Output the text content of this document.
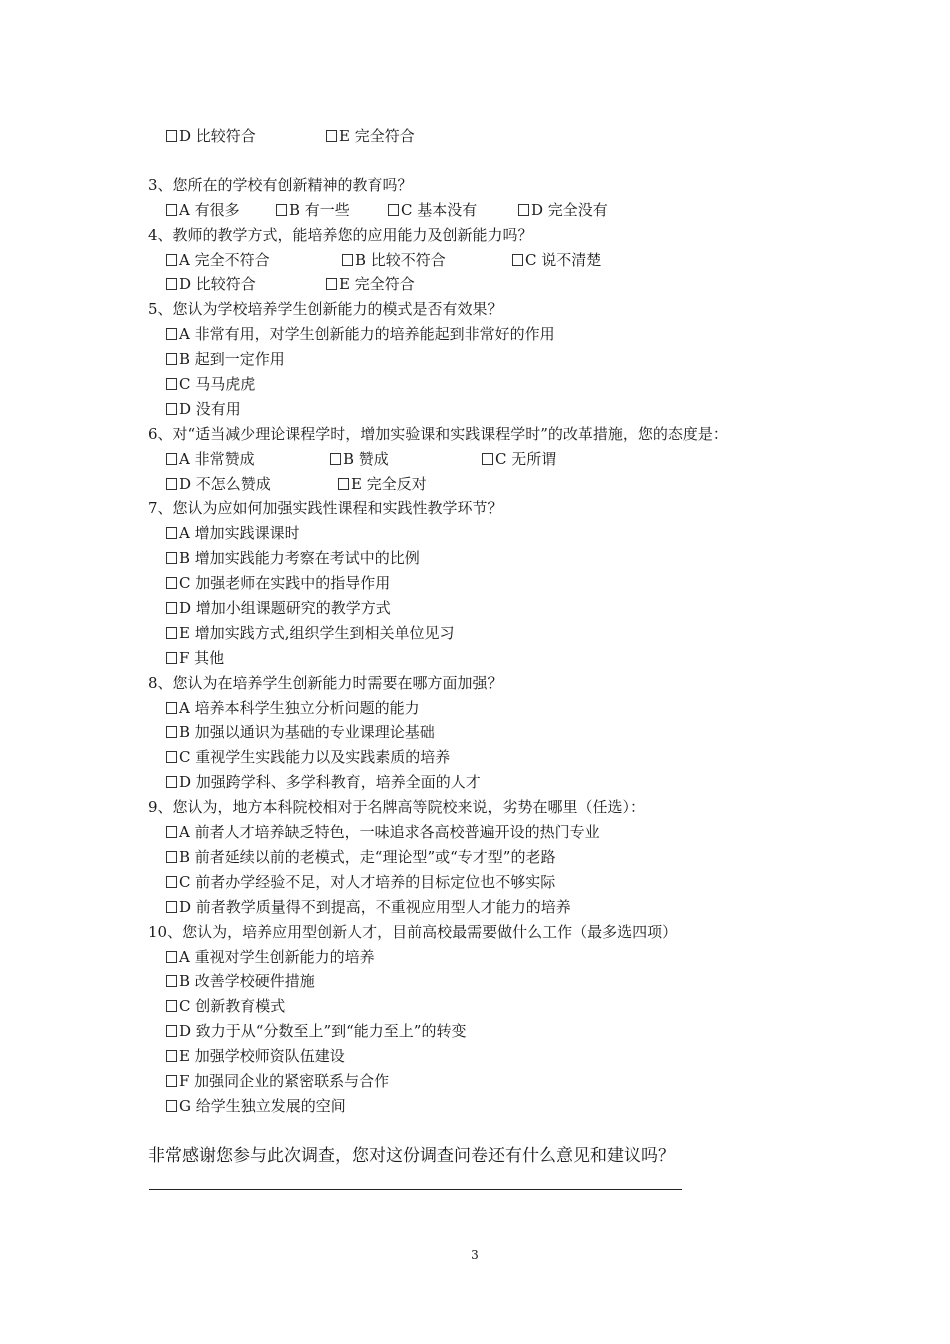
D 比较符合	E 完全符合
3、您所在的学校有创新精神的教育吗？
A 有很多	B 有一些	C 基本没有	D 完全没有
4、教师的教学方式，能培养您的应用能力及创新能力吗？
A 完全不符合	B 比较不符合	C 说不清楚
D 比较符合	E 完全符合
5、您认为学校培养学生创新能力的模式是否有效果？
A 非常有用，对学生创新能力的培养能起到非常好的作用
B 起到一定作用
C 马马虎虎
D 没有用
6、对“适当减少理论课程学时，增加实验课和实践课程学时”的改革措施，您的态度是：
A 非常赞成	B 赞成	C 无所谓
D 不怎么赞成	E 完全反对
7、您认为应如何加强实践性课程和实践性教学环节？
A 增加实践课课时
B 增加实践能力考察在考试中的比例
C 加强老师在实践中的指导作用
D 增加小组课题研究的教学方式
E 增加实践方式,组织学生到相关单位见习
F 其他
8、您认为在培养学生创新能力时需要在哪方面加强？
A 培养本科学生独立分析问题的能力
B 加强以通识为基础的专业课理论基础
C 重视学生实践能力以及实践素质的培养
D 加强跨学科、多学科教育，培养全面的人才
9、您认为，地方本科院校相对于名牌高等院校来说，劣势在哪里（任选）：
A 前者人才培养缺乏特色，一味追求各高校普遍开设的热门专业
B 前者延续以前的老模式，走“理论型”或“专才型”的老路
C 前者办学经验不足，对人才培养的目标定位也不够实际
D 前者教学质量得不到提高，不重视应用型人才能力的培养
10、您认为，培养应用型创新人才，目前高校最需要做什么工作（最多选四项）
A 重视对学生创新能力的培养
B 改善学校硬件措施
C 创新教育模式
D 致力于从“分数至上”到“能力至上”的转变
E 加强学校师资队伍建设
F 加强同企业的紧密联系与合作
G 给学生独立发展的空间
非常感谢您参与此次调查，您对这份调查问卷还有什么意见和建议吗？
3
